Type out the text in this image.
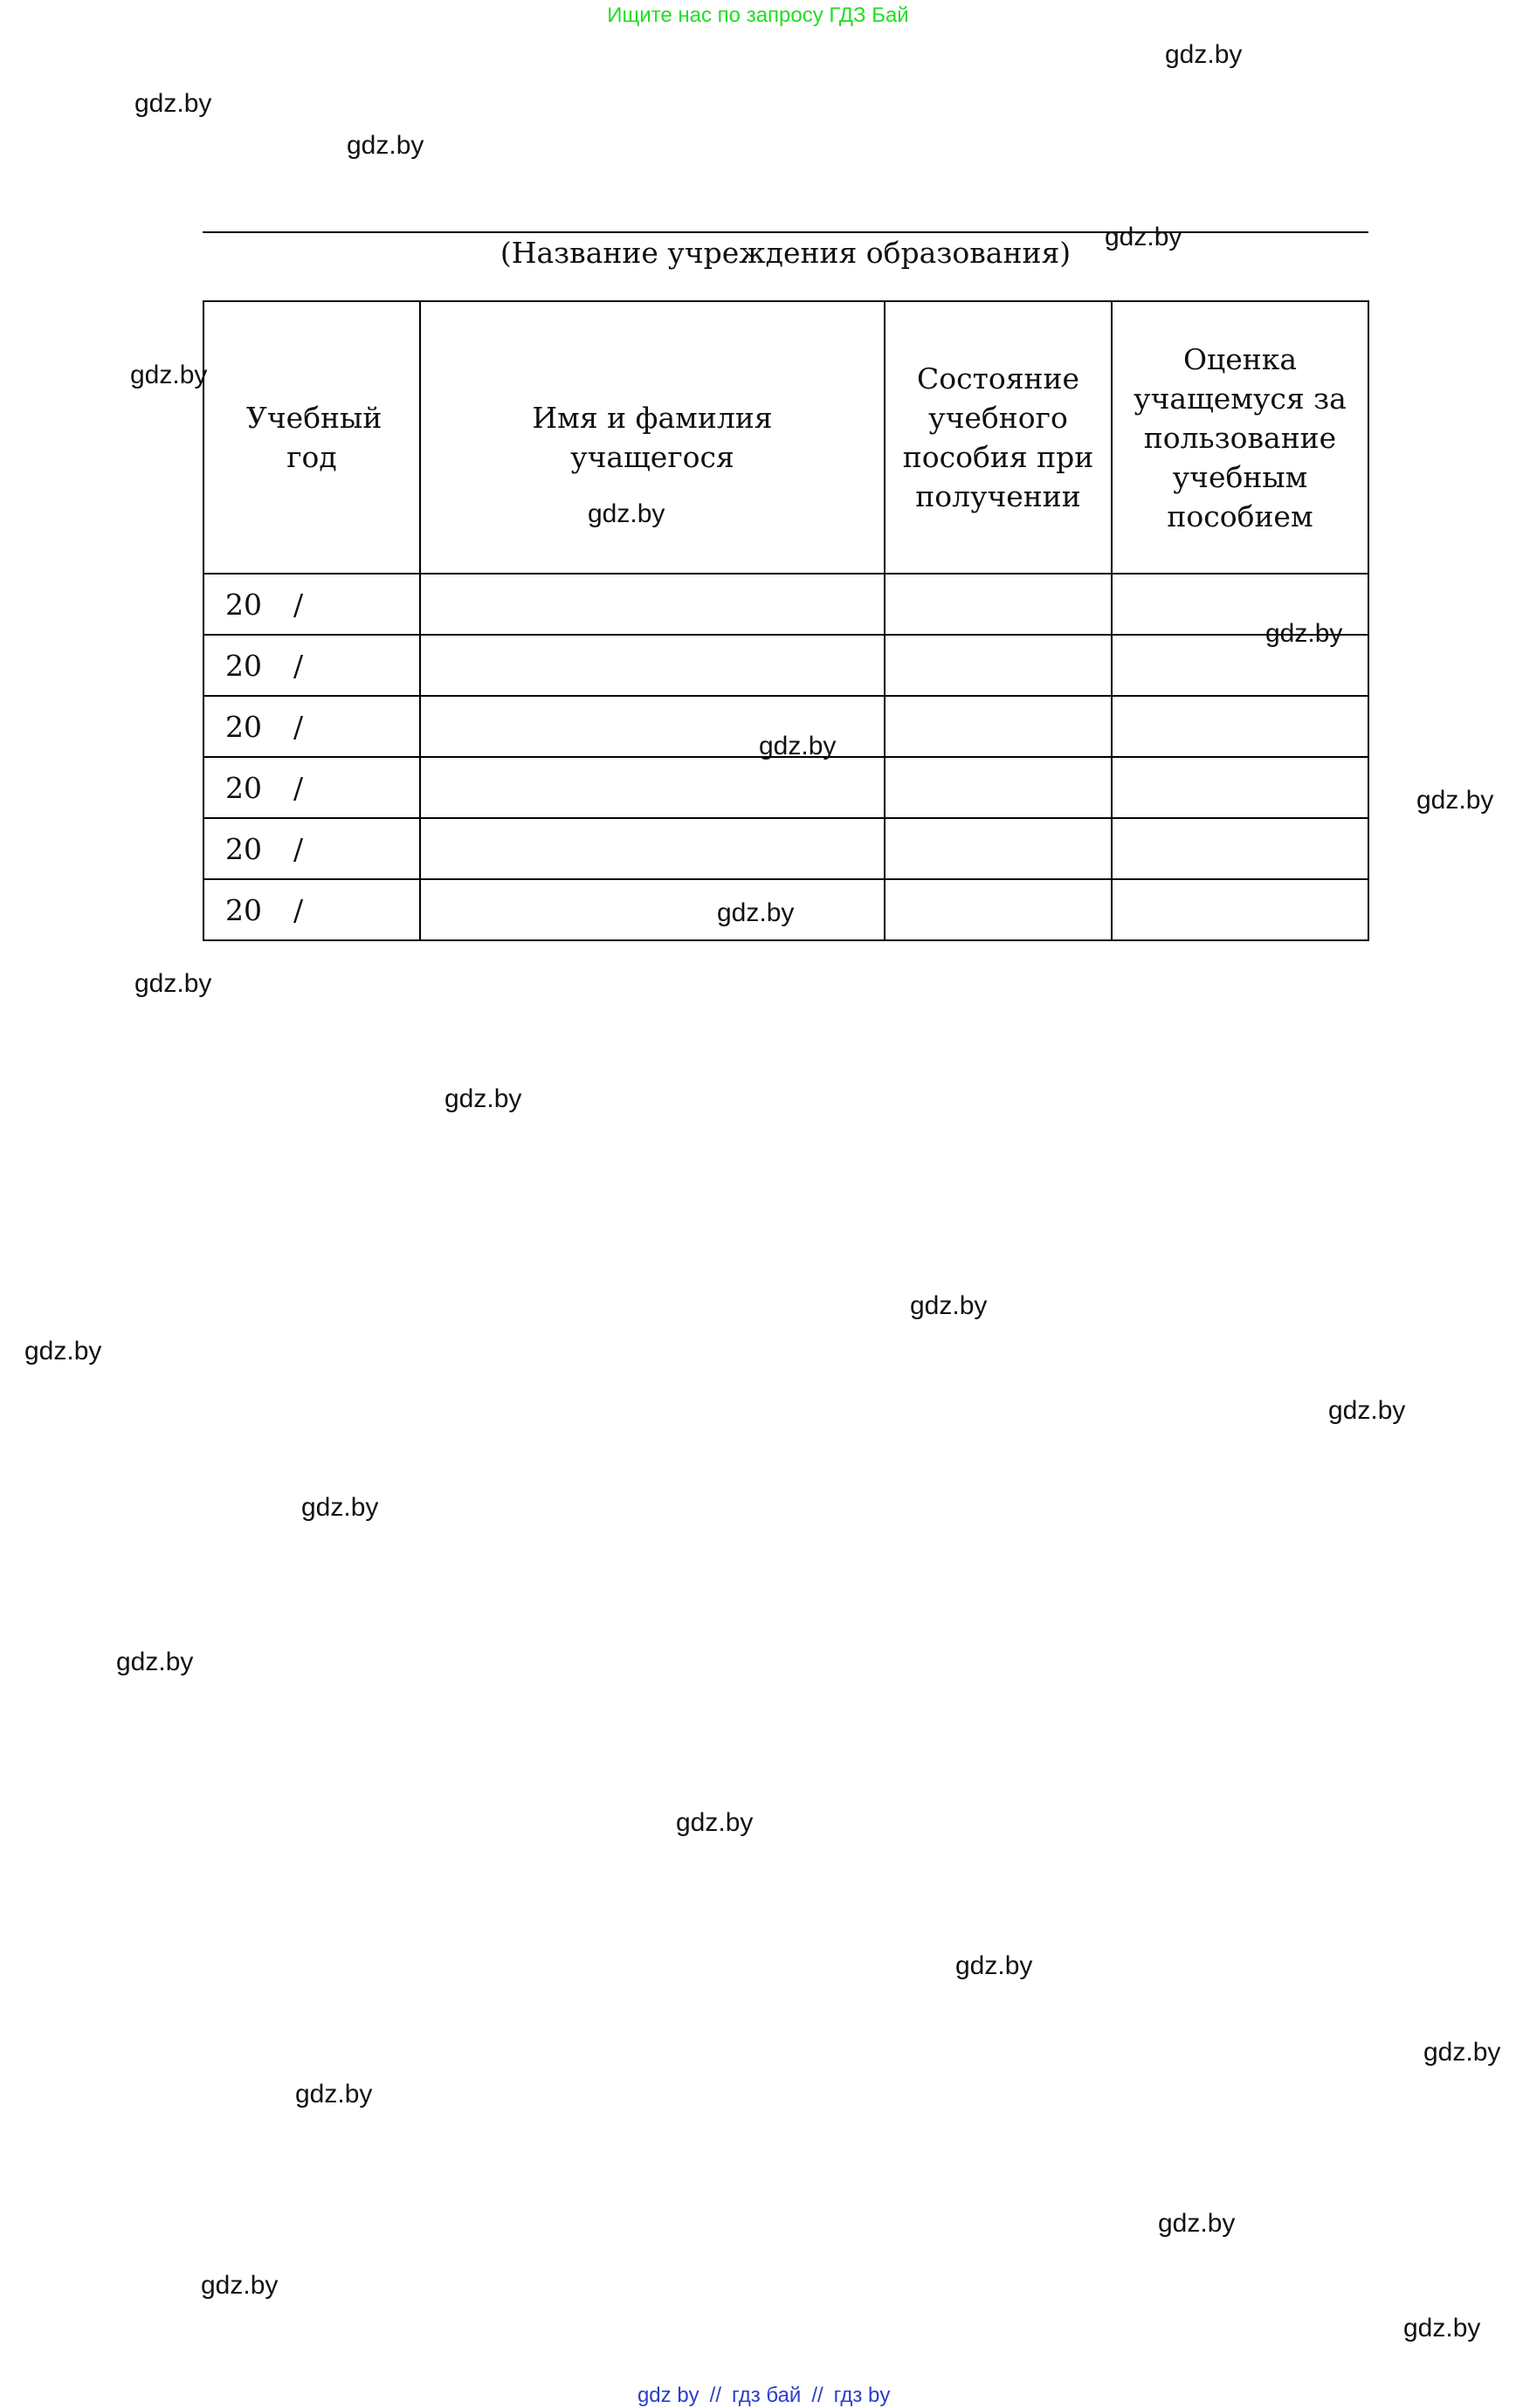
Ищите нас по запросу ГДЗ Бай
(Название учреждения образования)
Учебный год	Имя и фамилия учащегося	Состояние учебного пособия при получении	Оценка учащемуся за пользование учебным пособием

20 /			
20 /			
20 /			
20 /			
20 /			
20 /			
gdz.by
gdz.by
gdz.by
gdz.by
gdz.by
gdz.by
gdz.by
gdz.by
gdz.by
gdz.by
gdz.by
gdz.by
gdz.by
gdz.by
gdz.by
gdz.by
gdz.by
gdz.by
gdz.by
gdz.by
gdz.by
gdz.by
gdz.by
gdz.by

gdz by // гдз бай // гдз by
